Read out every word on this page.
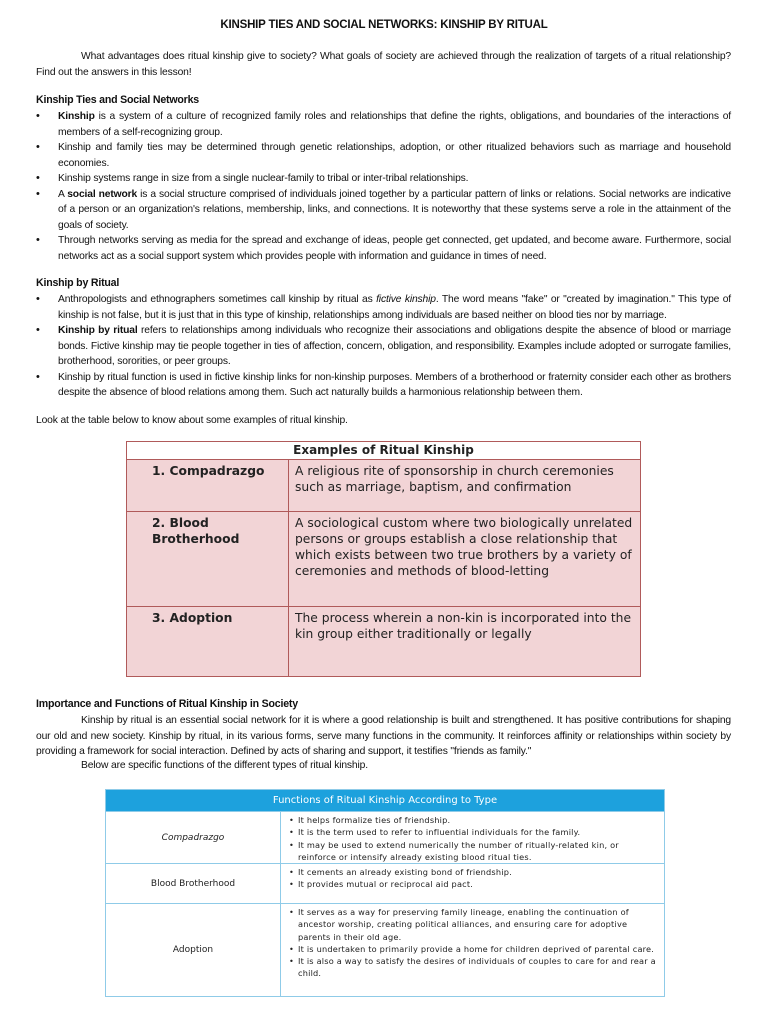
KINSHIP TIES AND SOCIAL NETWORKS: KINSHIP BY RITUAL
What advantages does ritual kinship give to society? What goals of society are achieved through the realization of targets of a ritual relationship? Find out the answers in this lesson!
Kinship Ties and Social Networks
• Kinship is a system of a culture of recognized family roles and relationships that define the rights, obligations, and boundaries of the interactions of members of a self-recognizing group.
• Kinship and family ties may be determined through genetic relationships, adoption, or other ritualized behaviors such as marriage and household economies.
• Kinship systems range in size from a single nuclear-family to tribal or inter-tribal relationships.
• A social network is a social structure comprised of individuals joined together by a particular pattern of links or relations. Social networks are indicative of a person or an organization's relations, membership, links, and connections. It is noteworthy that these systems serve a role in the attainment of the goals of society.
• Through networks serving as media for the spread and exchange of ideas, people get connected, get updated, and become aware. Furthermore, social networks act as a social support system which provides people with information and guidance in times of need.
Kinship by Ritual
• Anthropologists and ethnographers sometimes call kinship by ritual as fictive kinship. The word means "fake" or "created by imagination." This type of kinship is not false, but it is just that in this type of kinship, relationships among individuals are based neither on blood ties nor by marriage.
• Kinship by ritual refers to relationships among individuals who recognize their associations and obligations despite the absence of blood or marriage bonds. Fictive kinship may tie people together in ties of affection, concern, obligation, and responsibility. Examples include adopted or surrogate families, brotherhood, sororities, or peer groups.
• Kinship by ritual function is used in fictive kinship links for non-kinship purposes. Members of a brotherhood or fraternity consider each other as brothers despite the absence of blood relations among them. Such act naturally builds a harmonious relationship between them.
Look at the table below to know about some examples of ritual kinship.
Examples of Ritual Kinship
1. Compadrazgo	A religious rite of sponsorship in church ceremonies such as marriage, baptism, and confirmation
2. Blood Brotherhood
A sociological custom where two biologically unrelated persons or groups establish a close relationship that which exists between two true brothers by a variety of ceremonies and methods of blood-letting
3. Adoption	The process wherein a non-kin is incorporated into the kin group either traditionally or legally
Importance and Functions of Ritual Kinship in Society
Kinship by ritual is an essential social network for it is where a good relationship is built and strengthened. It has positive contributions for shaping our old and new society. Kinship by ritual, in its various forms, serve many functions in the community. It reinforces affinity or relationships within society by providing a framework for social interaction. Defined by acts of sharing and support, it testifies "friends as family."
Below are specific functions of the different types of ritual kinship.
Functions of Ritual Kinship According to Type
Compadrazgo
• It helps formalize ties of friendship.
• It is the term used to refer to influential individuals for the family.
• It may be used to extend numerically the number of ritually-related kin, or reinforce or intensify already existing blood ritual ties.
Blood Brotherhood
• It cements an already existing bond of friendship.
• It provides mutual or reciprocal aid pact.
Adoption
• It serves as a way for preserving family lineage, enabling the continuation of ancestor worship, creating political alliances, and ensuring care for adoptive parents in their old age.
• It is undertaken to primarily provide a home for children deprived of parental care.
• It is also a way to satisfy the desires of individuals of couples to care for and rear a child.
